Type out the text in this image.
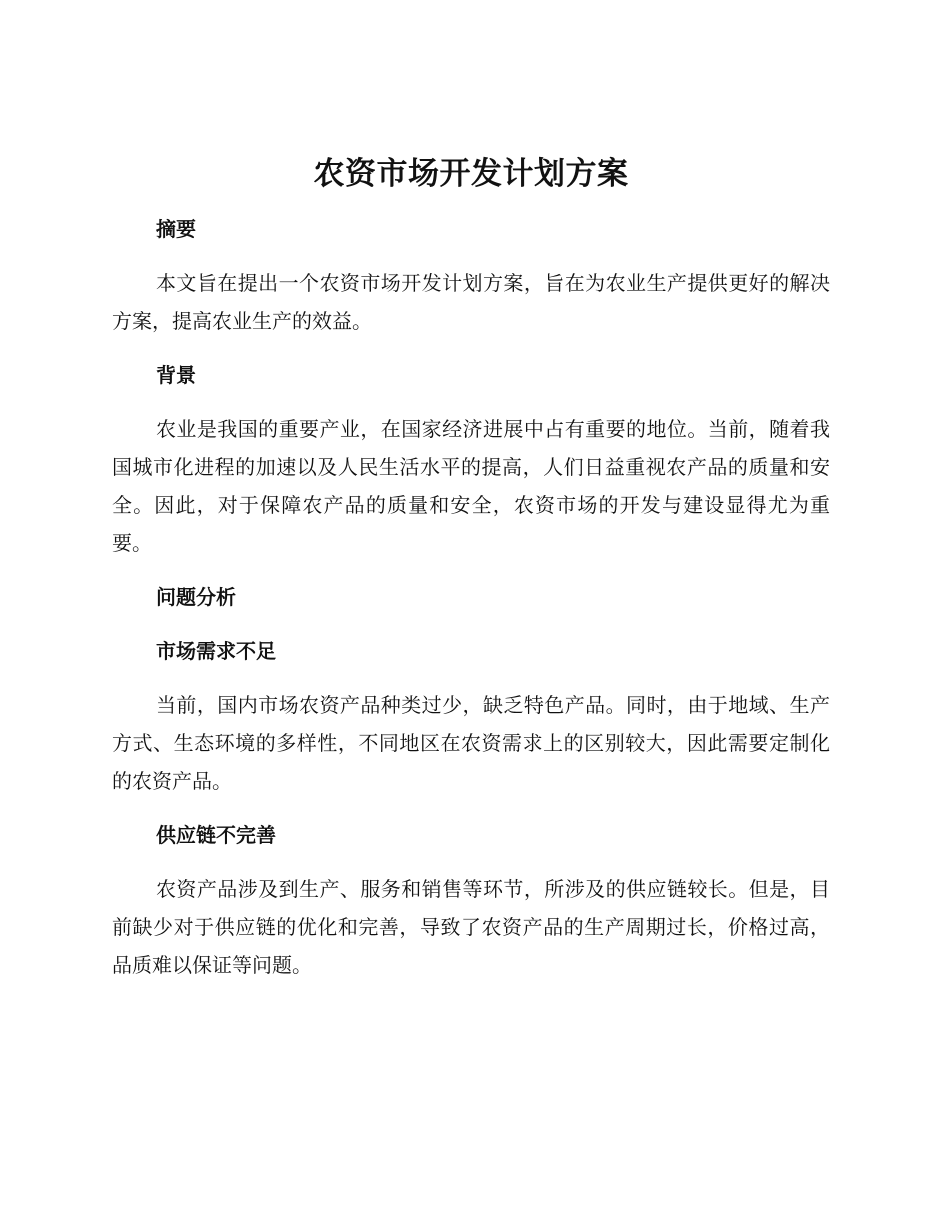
农资市场开发计划方案
摘要

本文旨在提出一个农资市场开发计划方案，旨在为农业生产提供更好的解决方案，提高农业生产的效益。

背景

农业是我国的重要产业，在国家经济进展中占有重要的地位。当前，随着我国城市化进程的加速以及人民生活水平的提高，人们日益重视农产品的质量和安全。因此，对于保障农产品的质量和安全，农资市场的开发与建设显得尤为重要。

问题分析
市场需求不足

当前，国内市场农资产品种类过少，缺乏特色产品。同时，由于地域、生产方式、生态环境的多样性，不同地区在农资需求上的区别较大，因此需要定制化的农资产品。

供应链不完善

农资产品涉及到生产、服务和销售等环节，所涉及的供应链较长。但是，目前缺少对于供应链的优化和完善，导致了农资产品的生产周期过长，价格过高，品质难以保证等问题。
